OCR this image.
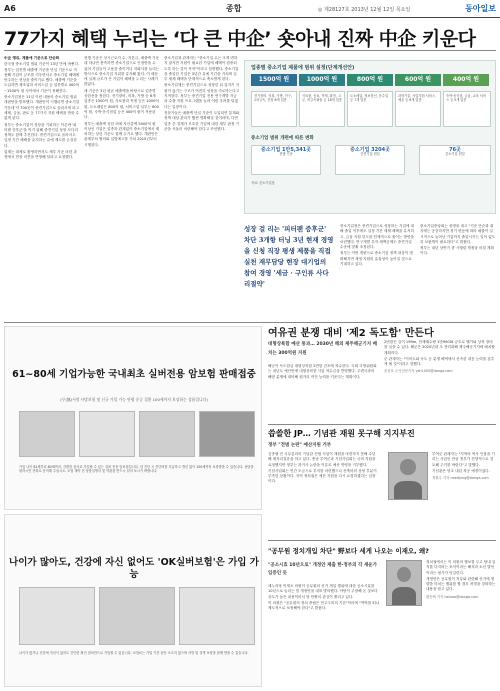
A6	종합	◎ 제28127호 2013년 12월 12일 목요일	동아일보
77가지 혜택 누리는 ‘다 큰 中企’ 숏아내 진짜 中企 키운다

中企 명위, 제품에 기준으로 단순화

한국형 중소기업 범위 기준이 13년 만에 바뀐다. 정부는 업종별 매출액 기준을 단일 기준으로 적용해 기업이 규모를 키우면서도 중소기업 혜택에 안주하는 현상을 줄이기로 했다. 매출액 기준을 도입하면 제조업과 서비스업 등 업종별로 400억~1500억 원 사이에서 기준이 정해진다.

중소기업청은 11일 이런 내용의 중소기업 범위 개편안을 발표했다. 개편안이 시행되면 중소기업 가운데 약 700곳이 중견기업으로 올라서게 되고 세제, 금융, 판로 등 77가지 지원 혜택을 받을 수 없게 된다.

정부는 중소기업이 성장을 기피하는 이른바 '피터팬 증후군'을 막기 위해 중견기업 성장 사다리 정책도 함께 추진한다. 중견기업으로 올라서도 일정 기간 혜택을 유지하는 유예 제도를 손질한다.

업계는 대체로 환영하면서도 세부 기준 마련 과정에서 현장 의견을 반영해 달라고 요청했다.

현행 기준은 상시근로자 수, 자본금, 매출액 가운데 하나만 충족하면 중소기업으로 인정받을 수 있어 기업들이 고용을 줄이거나 자회사를 늘리는 방식으로 중소기업 지위를 유지해 왔다. 이 때문에 실제 규모가 큰 기업이 혜택을 누리는 사례가 많았다.

새 기준은 3년 평균 매출액을 바탕으로 업종별 상한선을 정한다. 전기장비, 의복, 가방 등 6개 업종은 1500억 원, 식료품과 목재 등은 1000억 원, 도소매업은 800억 원, 서비스업 일부는 600억 원, 숙박·음식점업 등은 400억 원이 적용된다.

정부는 매출액 상한 외에 자산총액 5000억 원 이상인 기업은 업종과 관계없이 중소기업에서 제외하는 상한 기준도 함께 두기로 했다. 개편안은 관계부처 협의와 입법예고를 거쳐 2015년부터 시행된다.

중소기업청 관계자는 "중소기업 수는 크게 변하지 않지만 지원이 필요한 기업에 혜택이 집중되도록 하는 것이 목적"이라고 설명했다. 중소기업을 졸업한 기업은 3년간 유예 기간을 거치며 일부 세제 혜택을 단계적으로 축소받게 된다.

중소기업계는 중견기업으로 성장한 뒤 갑자기 지원이 끊기는 구조가 여전히 성장을 가로막는다고 지적한다. 정부는 중견기업 전용 연구개발 자금과 수출 지원 프로그램을 늘려 이런 우려를 덜겠다는 입장이다.

전문가들은 매출액 단일 기준이 도입되면 통계와 정책 대상 관리가 훨씬 명확해질 것이라며, 다만 업종 간 경계가 모호한 기업에 대한 세부 판정 기준을 서둘러 마련해야 한다고 조언했다.

업종별 중소기업 제품에 범위 설정(단계개선안)
1500억 원	1000억 원	800억 원	600억 원	400억 원
전기장비, 의복, 가방, 가구, 1차금속, 전장 6개 업종
식료품, 음료, 목재, 화학, 고무, 비금속광물 등 18개 업종
도소매업, 정보통신, 운수업 등 7개 업종
과학기술, 사업지원 서비스, 예술 등 6개 업종
숙박·음식점, 금융, 교육 서비스 등 5개 업종
중소기업 범위 개편에 따른 변화
중소기업 1만5,341곳
현행 기준
중소기업 3204곳
중견기업 편입
76곳
중소기업 편입
자료: 중소기업청
성장 걸 리는 '피터팬 증후군' 차단 3개항 터닝 3년 현재 경영을 신청 직장 평생 제품을 직접 실천 재무담당 현장 대기업의 참여 경영 '세금 · 구인류 사다리절약'

중소기업청은 중견기업으로 성장하는 기업에 대해 졸업 이후에도 일정 기간 세제 혜택을 유지하고, 금융 지원 한도를 단계적으로 줄이는 방안을 마련했다. 연구개발 투자 세액공제도 중견기업 수준에 맞춰 조정된다.

정부는 이번 개편으로 중소기업 정책 대상이 명확해지면 재정 지원의 효율성이 높아질 것으로 기대하고 있다.

중소기업중앙회는 성명을 내고 "기준 단순화 취지에는 공감하지만 경기 변동에 따라 매출이 일시적으로 늘어난 기업까지 졸업시키는 일이 없도록 보완책이 필요하다"고 밝혔다.

정부는 내년 상반기 중 시행령 개정을 마칠 계획이다.

61~80세 기업가능한 국내최초 실버전용 암보험 판매접중
(무(無)서정 사망보험 및 신규 가입 가능 연령 중증 질환 100세까지 보장하는 상품입니다)
가입 나이 61세부터 80세까지, 간편한 심사로 가입할 수 있는 실버 전용 암보험입니다. 암 진단 시 진단비를 지급하고 갱신 없이 100세까지 보장받을 수 있습니다. 상담을 원하시면 전화로 문의해 주십시오. 보험 계약 전 상품설명서 및 약관을 반드시 읽어 보시기 바랍니다.
나이가 많아도, 건강에 자신 없어도 'OK실버보험'은 가입 가능
나이가 많거나 건강에 자신이 없어도 간단한 확인 절차만으로 가입할 수 있습니다. 보험료는 가입 기간 동안 오르지 않으며 사망 및 질병 보장을 함께 받을 수 있습니다.
여유권 분쟁 대비 '제2 독도함' 만든다
대형상륙함 예산 통과… 2030년 해외 제주해군기지 배치는 300억원 지원

해군이 독도함급 대형상륙함 2번함 건조에 착수한다. 국회 국방위원회는 내년도 예산안에 대형상륙함 사업 착수금을 반영했다. 주변국과의 해양 분쟁에 대비해 원거리 작전 능력을 키운다는 계획이다.

2번함은 길이 199m, 만재배수량 1만9000t 규모로 헬기와 상륙 장비를 실을 수 있다. 해군은 2020년대 초 전력화해 제주해군기지에 배치할 계획이다.

군 관계자는 "이어도와 독도 등 분쟁 해역에서 신속한 대응 능력을 갖추게 될 것"이라고 말했다.

윤상호 군사전문기자 ysh1005@donga.com
씁쓸한 JP… 기념관 재원 못구해 지지부진
정부 "전범 논란" 예산지원 거부

김종필 전 국무총리의 기념관 건립 사업이 재원을 마련하지 못해 수년째 제자리걸음을 하고 있다. 충남 부여군과 기념사업회는 국비 지원을 요청했지만 정부는 과거사 논란을 이유로 예산 반영을 거부했다.

기념사업회는 민간 모금으로 부지를 마련했으나 건축비의 상당 부분이 부족한 상황이다. 지역 정치권은 예산 지원을 다시 요청하겠다는 입장이다.

부여군 관계자는 "지역의 역사 인물을 기리는 사업인 만큼 정부가 전향적으로 검토해 주기를 바란다"고 말했다.

기념관은 당초 내년 착공 예정이었다.

정원수 기자 needjung@donga.com
"공무원 정치개입 차단" 野보다 세게 나오는 이재오, 왜?
"공소시효 10년으로" 개정안 제출 한·정부의 각 세운가 입증인 듯

새누리당 이재오 의원이 공무원의 선거 개입 행위에 대한 공소시효를 10년으로 늘리는 법 개정안을 대표 발의했다. 야당이 주장해 온 것보다 강도가 높은 내용이어서 당 안팎의 관심이 쏠리고 있다.

이 의원은 "공무원의 정치 중립은 민주주의의 기본"이라며 "여야를 떠나 제도적으로 보장해야 한다"고 밝혔다.

정치권에서는 이 의원의 행보를 두고 당내 입지를 다지려는 포석이라는 해석과 소신 발언이라는 평가가 엇갈린다.

개정안은 공무원이 직무와 관련해 선거에 영향을 미치는 행위를 할 경우 처벌을 강화하는 내용을 담고 있다.

황승택 기자 hstneo@donga.com
